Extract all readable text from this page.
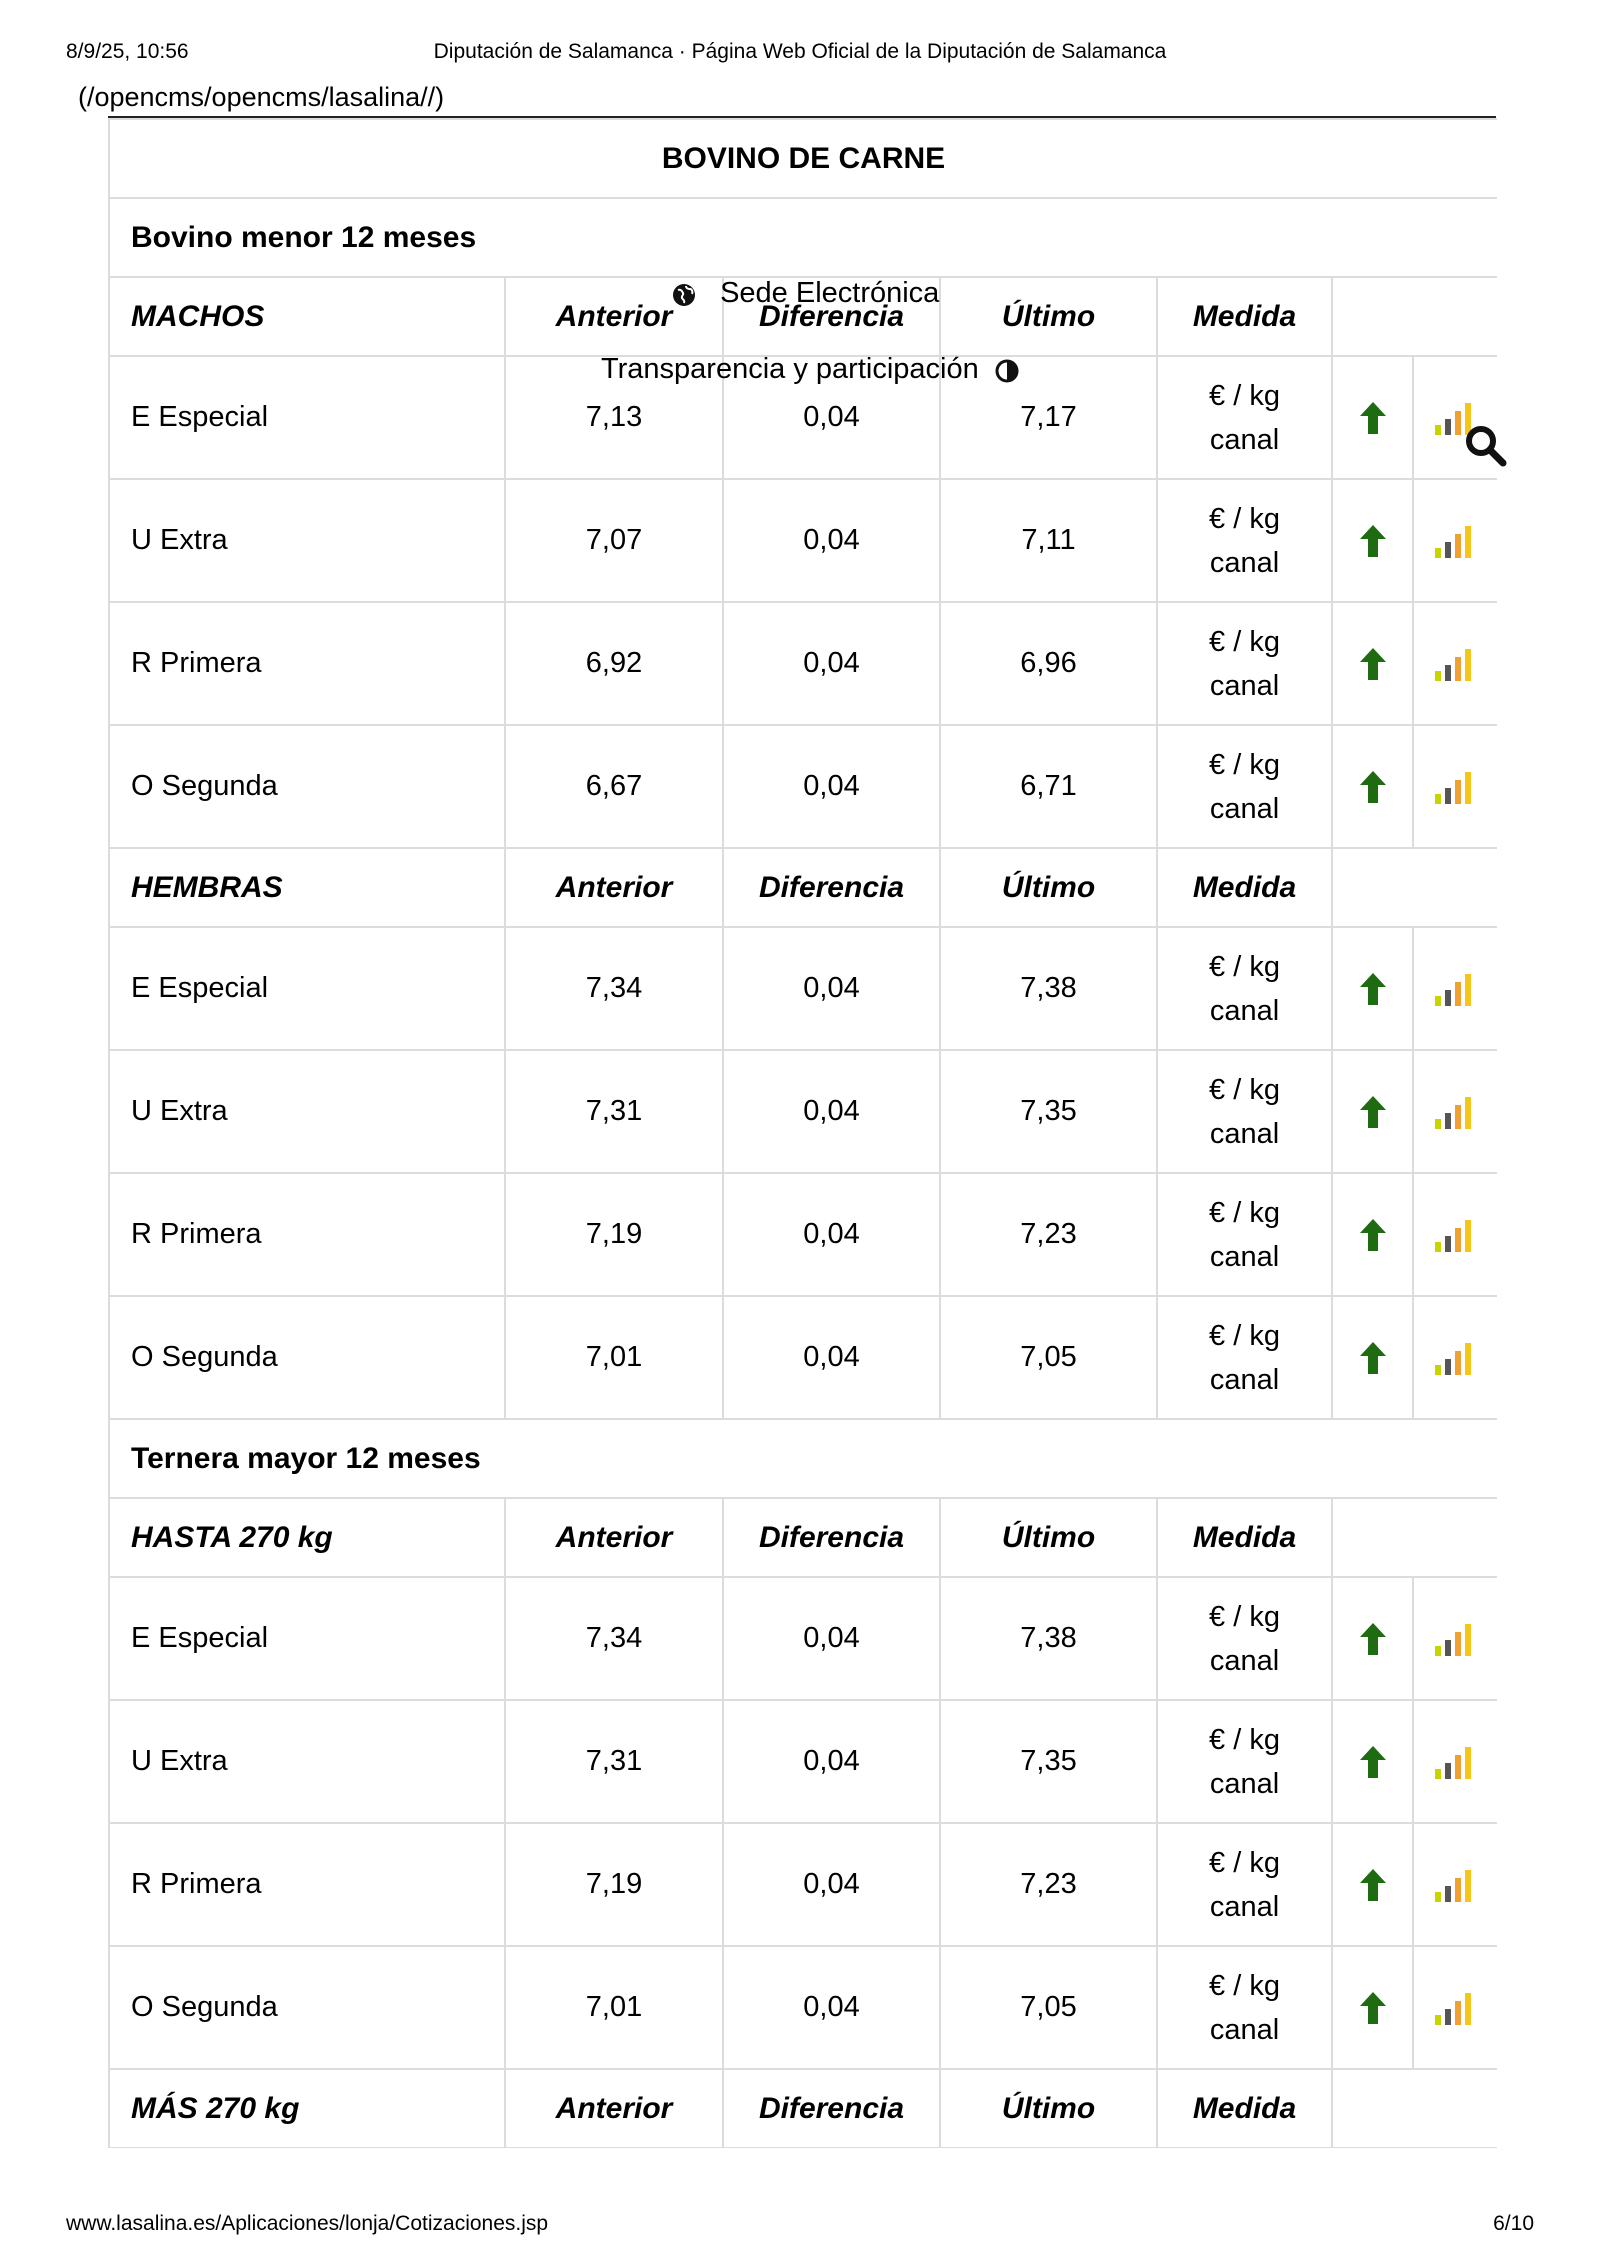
8/9/25, 10:56	Diputación de Salamanca · Página Web Oficial de la Diputación de Salamanca
(/opencms/opencms/lasalina//)
BOVINO DE CARNE						
Bovino menor 12 meses						
MACHOS	Anterior	Diferencia	Último	Medida		
E Especial	7,13	0,04	7,17	€ / kg
canal

U Extra	7,07	0,04	7,11	€ / kg
canal

R Primera	6,92	0,04	6,96	€ / kg
canal

O Segunda	6,67	0,04	6,71	€ / kg
canal

HEMBRAS	Anterior	Diferencia	Último	Medida		
E Especial	7,34	0,04	7,38	€ / kg
canal

U Extra	7,31	0,04	7,35	€ / kg
canal

R Primera	7,19	0,04	7,23	€ / kg
canal

O Segunda	7,01	0,04	7,05	€ / kg
canal

Ternera mayor 12 meses						
HASTA 270 kg	Anterior	Diferencia	Último	Medida		
E Especial	7,34	0,04	7,38	€ / kg
canal

U Extra	7,31	0,04	7,35	€ / kg
canal

R Primera	7,19	0,04	7,23	€ / kg
canal

O Segunda	7,01	0,04	7,05	€ / kg
canal

MÁS 270 kg	Anterior	Diferencia	Último	Medida		
Sede Electrónica
Transparencia y participación
www.lasalina.es/Aplicaciones/lonja/Cotizaciones.jsp	6/10
